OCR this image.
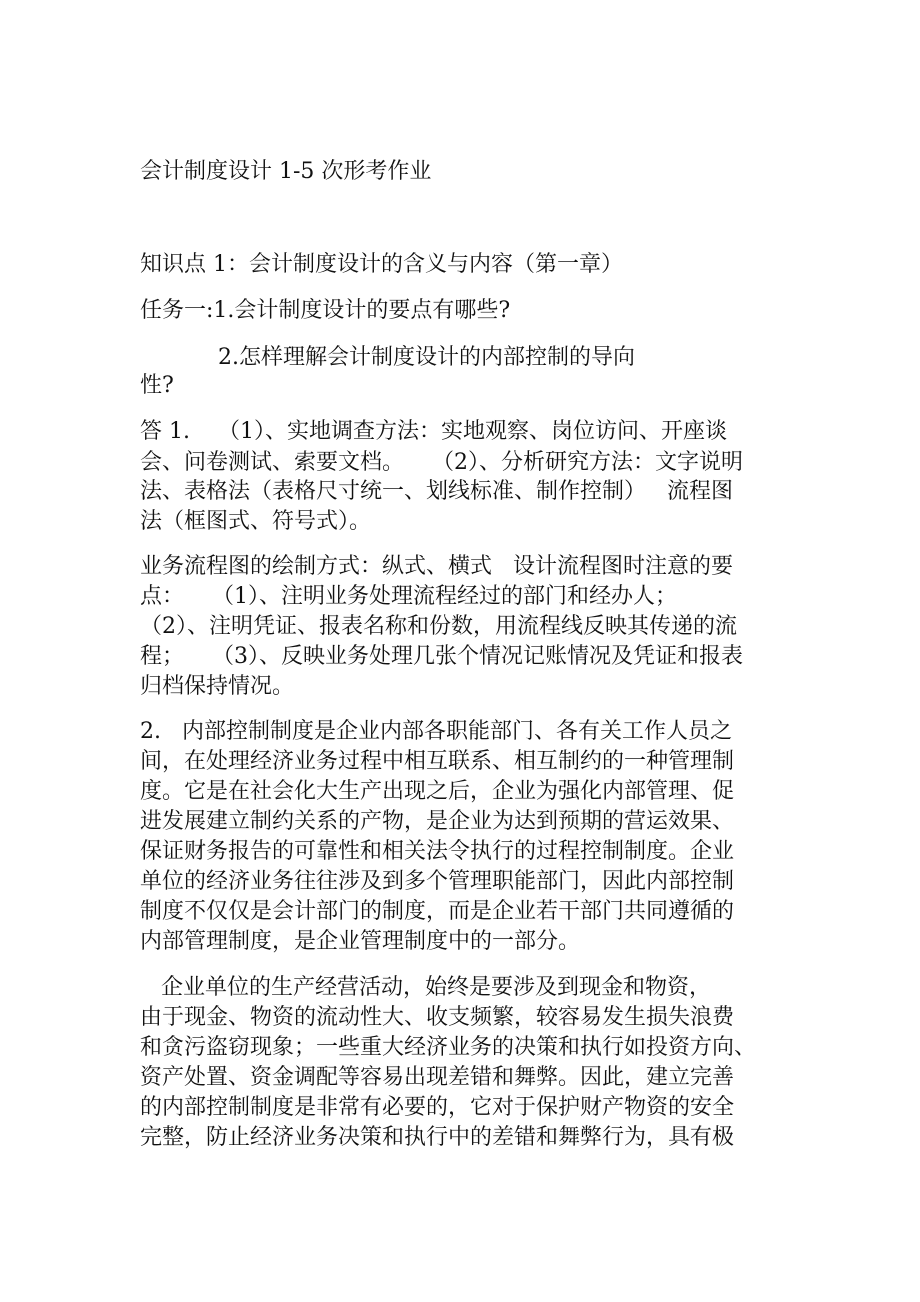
会计制度设计 1-5 次形考作业
知识点 1：会计制度设计的含义与内容（第一章）
任务一:1.会计制度设计的要点有哪些?
2.怎样理解会计制度设计的内部控制的导向
性?
答 1.    （1）、实地调查方法：实地观察、岗位访问、开座谈
会、问卷测试、索要文档。    （2）、分析研究方法：文字说明
法、表格法（表格尺寸统一、划线标准、制作控制）   流程图
法（框图式、符号式）。
业务流程图的绘制方式：纵式、横式   设计流程图时注意的要
点：    （1）、注明业务处理流程经过的部门和经办人；
（2）、注明凭证、报表名称和份数，用流程线反映其传递的流
程；    （3）、反映业务处理几张个情况记账情况及凭证和报表
归档保持情况。
2.   内部控制制度是企业内部各职能部门、各有关工作人员之
间，在处理经济业务过程中相互联系、相互制约的一种管理制
度。它是在社会化大生产出现之后，企业为强化内部管理、促
进发展建立制约关系的产物，是企业为达到预期的营运效果、
保证财务报告的可靠性和相关法令执行的过程控制制度。企业
单位的经济业务往往涉及到多个管理职能部门，因此内部控制
制度不仅仅是会计部门的制度，而是企业若干部门共同遵循的
内部管理制度，是企业管理制度中的一部分。
企业单位的生产经营活动，始终是要涉及到现金和物资，
由于现金、物资的流动性大、收支频繁，较容易发生损失浪费
和贪污盗窃现象；一些重大经济业务的决策和执行如投资方向、
资产处置、资金调配等容易出现差错和舞弊。因此，建立完善
的内部控制制度是非常有必要的，它对于保护财产物资的安全
完整，防止经济业务决策和执行中的差错和舞弊行为，具有极
